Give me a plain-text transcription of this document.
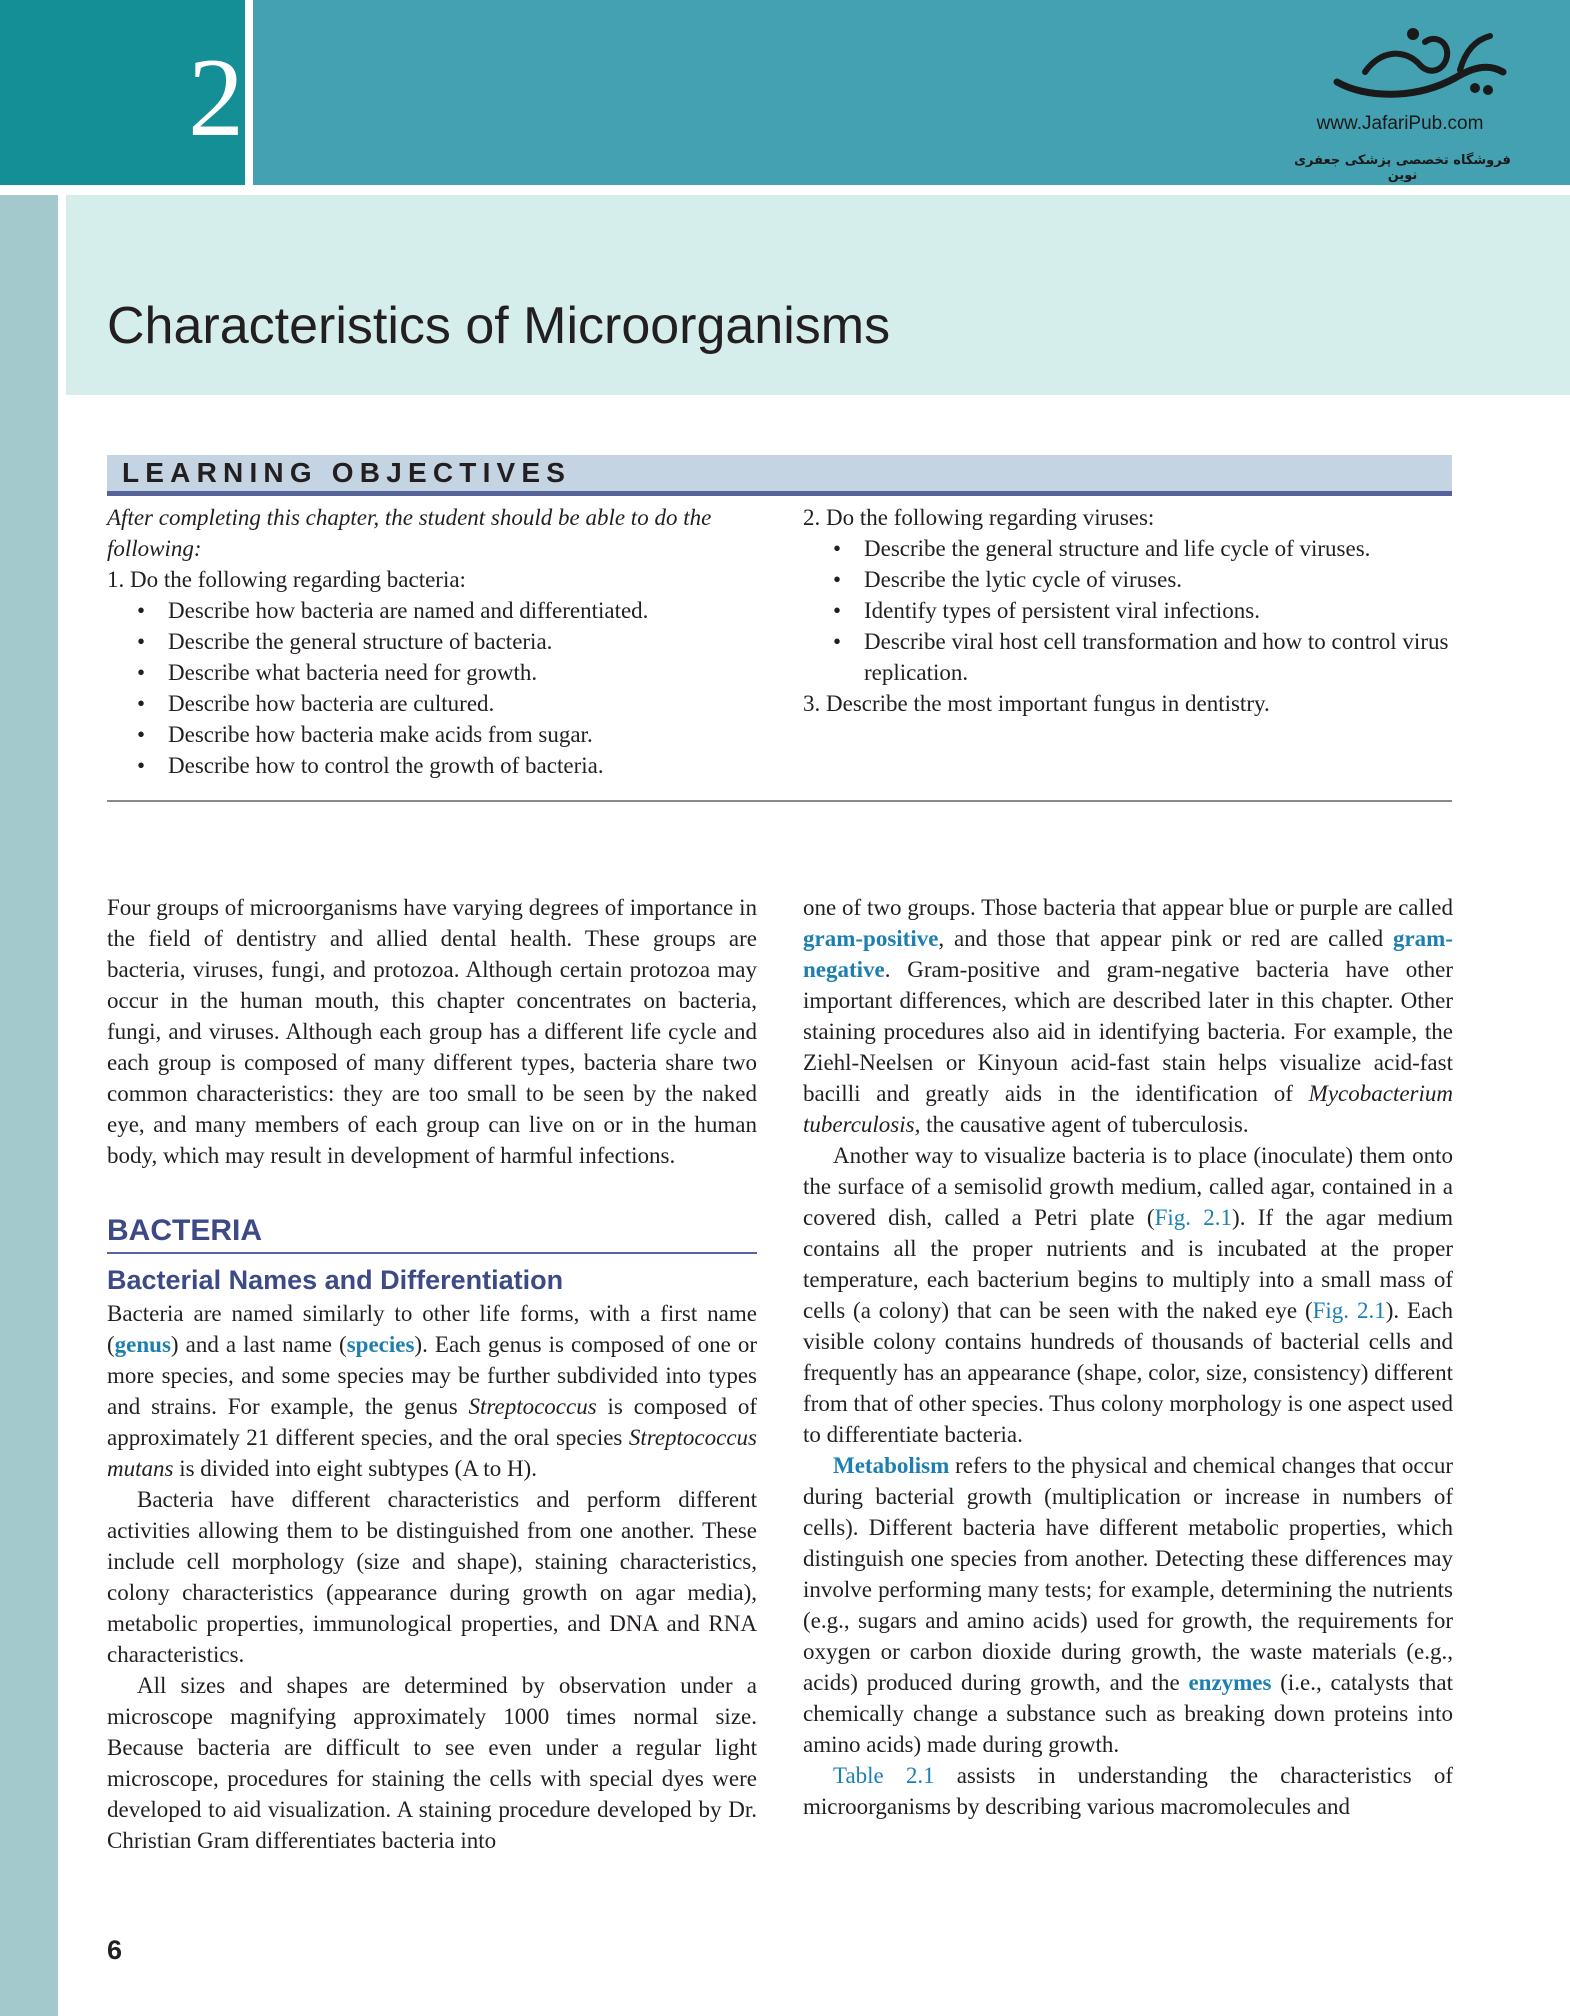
2	www.JafariPub.com
فروشگاه تخصصی پزشکی جعفری نوین
Characteristics of Microorganisms
LEARNING OBJECTIVES
After completing this chapter, the student should be able to do the following:
1. Do the following regarding bacteria:
• Describe how bacteria are named and differentiated.
• Describe the general structure of bacteria.
• Describe what bacteria need for growth.
• Describe how bacteria are cultured.
• Describe how bacteria make acids from sugar.
• Describe how to control the growth of bacteria.
2. Do the following regarding viruses:
• Describe the general structure and life cycle of viruses.
• Describe the lytic cycle of viruses.
• Identify types of persistent viral infections.
• Describe viral host cell transformation and how to control virus replication.
3. Describe the most important fungus in dentistry.

Four groups of microorganisms have varying degrees of importance in the field of dentistry and allied dental health. These groups are bacteria, viruses, fungi, and protozoa. Although certain protozoa may occur in the human mouth, this chapter concentrates on bacteria, fungi, and viruses. Although each group has a different life cycle and each group is composed of many different types, bacteria share two common characteristics: they are too small to be seen by the naked eye, and many members of each group can live on or in the human body, which may result in development of harmful infections.

BACTERIA
Bacterial Names and Differentiation

Bacteria are named similarly to other life forms, with a first name (genus) and a last name (species). Each genus is composed of one or more species, and some species may be further subdivided into types and strains. For example, the genus Streptococcus is composed of approximately 21 different species, and the oral species Streptococcus mutans is divided into eight subtypes (A to H).

Bacteria have different characteristics and perform different activities allowing them to be distinguished from one another. These include cell morphology (size and shape), staining characteristics, colony characteristics (appearance during growth on agar media), metabolic properties, immunological properties, and DNA and RNA characteristics.

All sizes and shapes are determined by observation under a microscope magnifying approximately 1000 times normal size. Because bacteria are difficult to see even under a regular light microscope, procedures for staining the cells with special dyes were developed to aid visualization. A staining procedure developed by Dr. Christian Gram differentiates bacteria into

one of two groups. Those bacteria that appear blue or purple are called gram-positive, and those that appear pink or red are called gram-negative. Gram-positive and gram-negative bacteria have other important differences, which are described later in this chapter. Other staining procedures also aid in identifying bacteria. For example, the Ziehl-Neelsen or Kinyoun acid-fast stain helps visualize acid-fast bacilli and greatly aids in the identification of Mycobacterium tuberculosis, the causative agent of tuberculosis.

Another way to visualize bacteria is to place (inoculate) them onto the surface of a semisolid growth medium, called agar, contained in a covered dish, called a Petri plate (Fig. 2.1). If the agar medium contains all the proper nutrients and is incubated at the proper temperature, each bacterium begins to multiply into a small mass of cells (a colony) that can be seen with the naked eye (Fig. 2.1). Each visible colony contains hundreds of thousands of bacterial cells and frequently has an appearance (shape, color, size, consistency) different from that of other species. Thus colony morphology is one aspect used to differentiate bacteria.

Metabolism refers to the physical and chemical changes that occur during bacterial growth (multiplication or increase in numbers of cells). Different bacteria have different metabolic properties, which distinguish one species from another. Detecting these differences may involve performing many tests; for example, determining the nutrients (e.g., sugars and amino acids) used for growth, the requirements for oxygen or carbon dioxide during growth, the waste materials (e.g., acids) produced during growth, and the enzymes (i.e., catalysts that chemically change a substance such as breaking down proteins into amino acids) made during growth.

Table 2.1 assists in understanding the characteristics of microorganisms by describing various macromolecules and

6
